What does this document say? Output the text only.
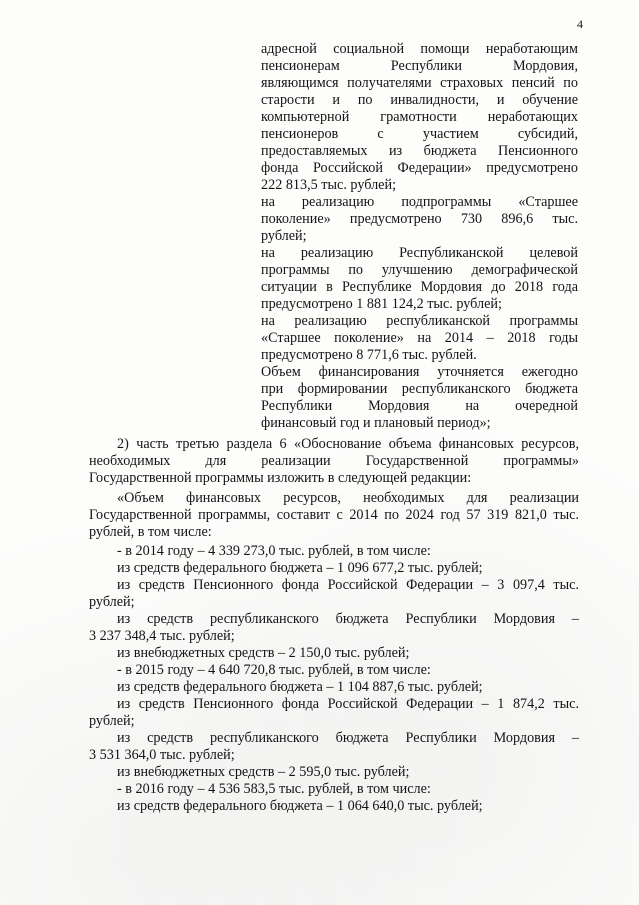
4
адресной социальной помощи неработающим
пенсионерам Республики Мордовия,
являющимся получателями страховых пенсий по
старости и по инвалидности, и обучение
компьютерной грамотности неработающих
пенсионеров с участием субсидий,
предоставляемых из бюджета Пенсионного
фонда Российской Федерации» предусмотрено
222 813,5 тыс. рублей;
на реализацию подпрограммы «Старшее
поколение» предусмотрено 730 896,6 тыс.
рублей;
на реализацию Республиканской целевой
программы по улучшению демографической
ситуации в Республике Мордовия до 2018 года
предусмотрено 1 881 124,2 тыс. рублей;
на реализацию республиканской программы
«Старшее поколение» на 2014 – 2018 годы
предусмотрено 8 771,6 тыс. рублей.
Объем финансирования уточняется ежегодно
при формировании республиканского бюджета
Республики Мордовия на очередной
финансовый год и плановый период»;
2) часть третью раздела 6 «Обоснование объема финансовых ресурсов,
необходимых для реализации Государственной программы»
Государственной программы изложить в следующей редакции:
«Объем финансовых ресурсов, необходимых для реализации
Государственной программы, составит с 2014 по 2024 год 57 319 821,0 тыс.
рублей, в том числе:
- в 2014 году – 4 339 273,0 тыс. рублей, в том числе:
из средств федерального бюджета – 1 096 677,2 тыс. рублей;
из средств Пенсионного фонда Российской Федерации – 3 097,4 тыс.
рублей;
из средств республиканского бюджета Республики Мордовия –
3 237 348,4 тыс. рублей;
из внебюджетных средств – 2 150,0 тыс. рублей;
- в 2015 году – 4 640 720,8 тыс. рублей, в том числе:
из средств федерального бюджета – 1 104 887,6 тыс. рублей;
из средств Пенсионного фонда Российской Федерации – 1 874,2 тыс.
рублей;
из средств республиканского бюджета Республики Мордовия –
3 531 364,0 тыс. рублей;
из внебюджетных средств – 2 595,0 тыс. рублей;
- в 2016 году – 4 536 583,5 тыс. рублей, в том числе:
из средств федерального бюджета – 1 064 640,0 тыс. рублей;
